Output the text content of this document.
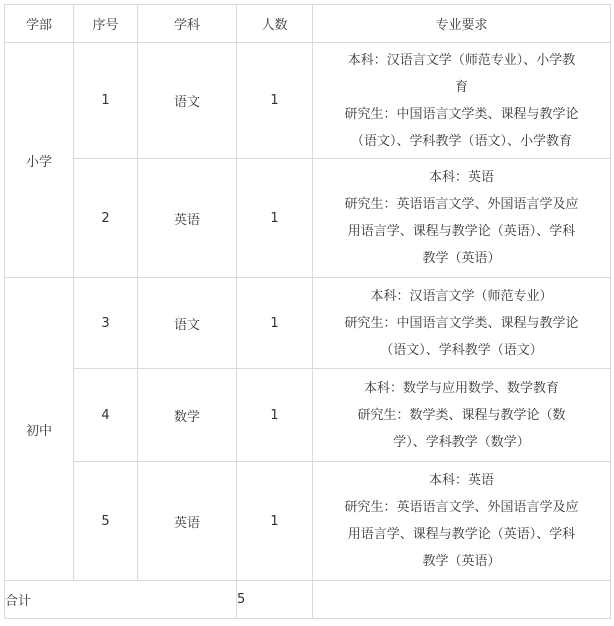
学部	序号	学科	人数	专业要求
小学	1	语文	1	本科：汉语言文学（师范专业）、小学教
育
研究生：中国语言文学类、课程与教学论
（语文）、学科教学（语文）、小学教育

	2	英语	1	本科：英语
研究生：英语语言文学、外国语言学及应
用语言学、课程与教学论（英语）、学科
教学（英语）

初中	3	语文	1	本科：汉语言文学（师范专业）
研究生：中国语言文学类、课程与教学论
（语文）、学科教学（语文）

	4	数学	1	本科：数学与应用数学、数学教育
研究生：数学类、课程与教学论（数
学）、学科教学（数学）

	5	英语	1	本科：英语
研究生：英语语言文学、外国语言学及应
用语言学、课程与教学论（英语）、学科
教学（英语）

合计			5	
